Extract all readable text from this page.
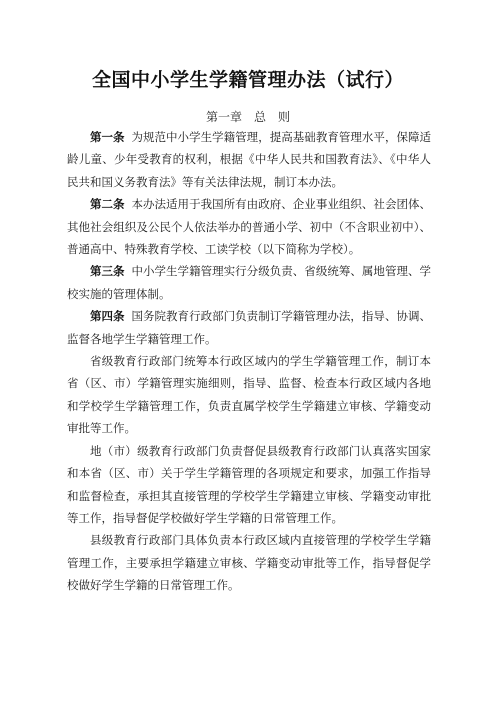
全国中小学生学籍管理办法（试行）
第一章　总　则

第一条 为规范中小学生学籍管理，提高基础教育管理水平，保障适龄儿童、少年受教育的权利，根据《中华人民共和国教育法》、《中华人民共和国义务教育法》等有关法律法规，制订本办法。

第二条 本办法适用于我国所有由政府、企业事业组织、社会团体、其他社会组织及公民个人依法举办的普通小学、初中（不含职业初中）、普通高中、特殊教育学校、工读学校（以下简称为学校）。

第三条 中小学生学籍管理实行分级负责、省级统筹、属地管理、学校实施的管理体制。

第四条 国务院教育行政部门负责制订学籍管理办法，指导、协调、监督各地学生学籍管理工作。

省级教育行政部门统筹本行政区域内的学生学籍管理工作，制订本省（区、市）学籍管理实施细则，指导、监督、检查本行政区域内各地和学校学生学籍管理工作，负责直属学校学生学籍建立审核、学籍变动审批等工作。

地（市）级教育行政部门负责督促县级教育行政部门认真落实国家和本省（区、市）关于学生学籍管理的各项规定和要求，加强工作指导和监督检查，承担其直接管理的学校学生学籍建立审核、学籍变动审批等工作，指导督促学校做好学生学籍的日常管理工作。

县级教育行政部门具体负责本行政区域内直接管理的学校学生学籍管理工作，主要承担学籍建立审核、学籍变动审批等工作，指导督促学校做好学生学籍的日常管理工作。
